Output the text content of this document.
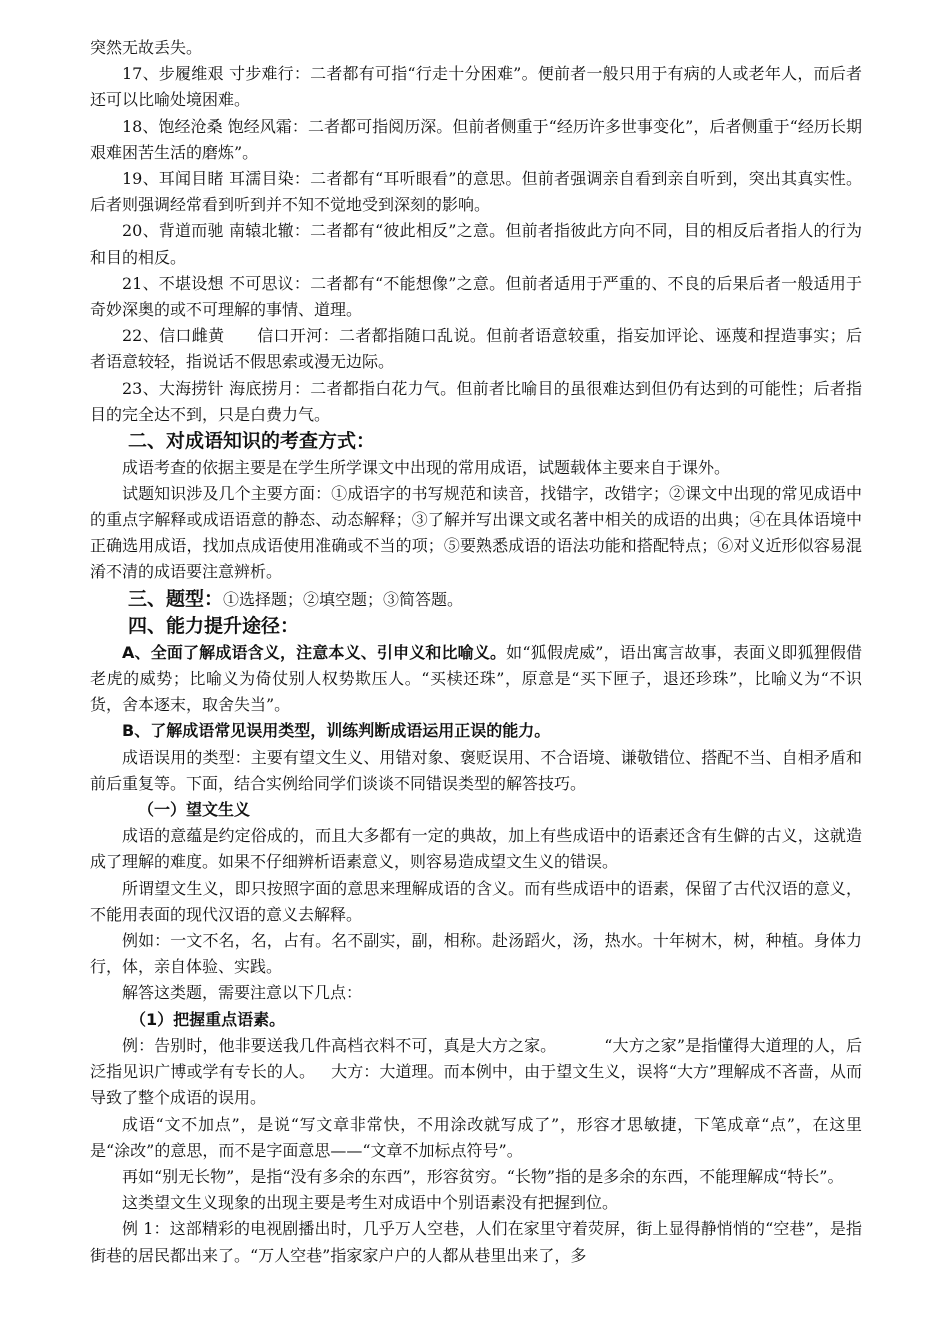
突然无故丢失。

17、步履维艰 寸步难行：二者都有可指“行走十分困难”。便前者一般只用于有病的人或老年人，而后者还可以比喻处境困难。

18、饱经沧桑 饱经风霜：二者都可指阅历深。但前者侧重于“经历许多世事变化”，后者侧重于“经历长期艰难困苦生活的磨炼”。

19、耳闻目睹 耳濡目染：二者都有“耳听眼看”的意思。但前者强调亲自看到亲自听到，突出其真实性。后者则强调经常看到听到并不知不觉地受到深刻的影响。

20、背道而驰 南辕北辙：二者都有“彼此相反”之意。但前者指彼此方向不同，目的相反后者指人的行为和目的相反。

21、不堪设想 不可思议：二者都有“不能想像”之意。但前者适用于严重的、不良的后果后者一般适用于奇妙深奥的或不可理解的事情、道理。

22、信口雌黄　　信口开河：二者都指随口乱说。但前者语意较重，指妄加评论、诬蔑和捏造事实；后者语意较轻，指说话不假思索或漫无边际。

23、大海捞针 海底捞月：二者都指白花力气。但前者比喻目的虽很难达到但仍有达到的可能性；后者指目的完全达不到，只是白费力气。

二、对成语知识的考查方式：

成语考查的依据主要是在学生所学课文中出现的常用成语，试题载体主要来自于课外。

试题知识涉及几个主要方面：①成语字的书写规范和读音，找错字，改错字；②课文中出现的常见成语中的重点字解释或成语语意的静态、动态解释；③了解并写出课文或名著中相关的成语的出典；④在具体语境中正确选用成语，找加点成语使用准确或不当的项；⑤要熟悉成语的语法功能和搭配特点；⑥对义近形似容易混淆不清的成语要注意辨析。

三、题型：①选择题；②填空题；③简答题。

四、能力提升途径：

A、全面了解成语含义，注意本义、引申义和比喻义。如“狐假虎威”，语出寓言故事，表面义即狐狸假借老虎的威势；比喻义为倚仗别人权势欺压人。“买椟还珠”，原意是“买下匣子，退还珍珠”，比喻义为“不识货，舍本逐末，取舍失当”。

B、了解成语常见误用类型，训练判断成语运用正误的能力。

成语误用的类型：主要有望文生义、用错对象、褒贬误用、不合语境、谦敬错位、搭配不当、自相矛盾和前后重复等。下面，结合实例给同学们谈谈不同错误类型的解答技巧。

（一）望文生义

成语的意蕴是约定俗成的，而且大多都有一定的典故，加上有些成语中的语素还含有生僻的古义，这就造成了理解的难度。如果不仔细辨析语素意义，则容易造成望文生义的错误。

所谓望文生义，即只按照字面的意思来理解成语的含义。而有些成语中的语素，保留了古代汉语的意义，不能用表面的现代汉语的意义去解释。

例如：一文不名，名，占有。名不副实，副，相称。赴汤蹈火，汤，热水。十年树木，树，种植。身体力行，体，亲自体验、实践。

解答这类题，需要注意以下几点：

（1）把握重点语素。

例：告别时，他非要送我几件高档衣料不可，真是大方之家。	“大方之家”是指懂得大道理的人，后泛指见识广博或学有专长的人。 大方：大道理。而本例中，由于望文生义，误将“大方”理解成不吝啬，从而导致了整个成语的误用。

成语“文不加点”，是说“写文章非常快，不用涂改就写成了”，形容才思敏捷，下笔成章“点”，在这里是“涂改”的意思，而不是字面意思——“文章不加标点符号”。

再如“别无长物”，是指“没有多余的东西”，形容贫穷。“长物”指的是多余的东西，不能理解成“特长”。

这类望文生义现象的出现主要是考生对成语中个别语素没有把握到位。

例 1：这部精彩的电视剧播出时，几乎万人空巷，人们在家里守着荧屏，街上显得静悄悄的“空巷”，是指街巷的居民都出来了。“万人空巷”指家家户户的人都从巷里出来了，多
